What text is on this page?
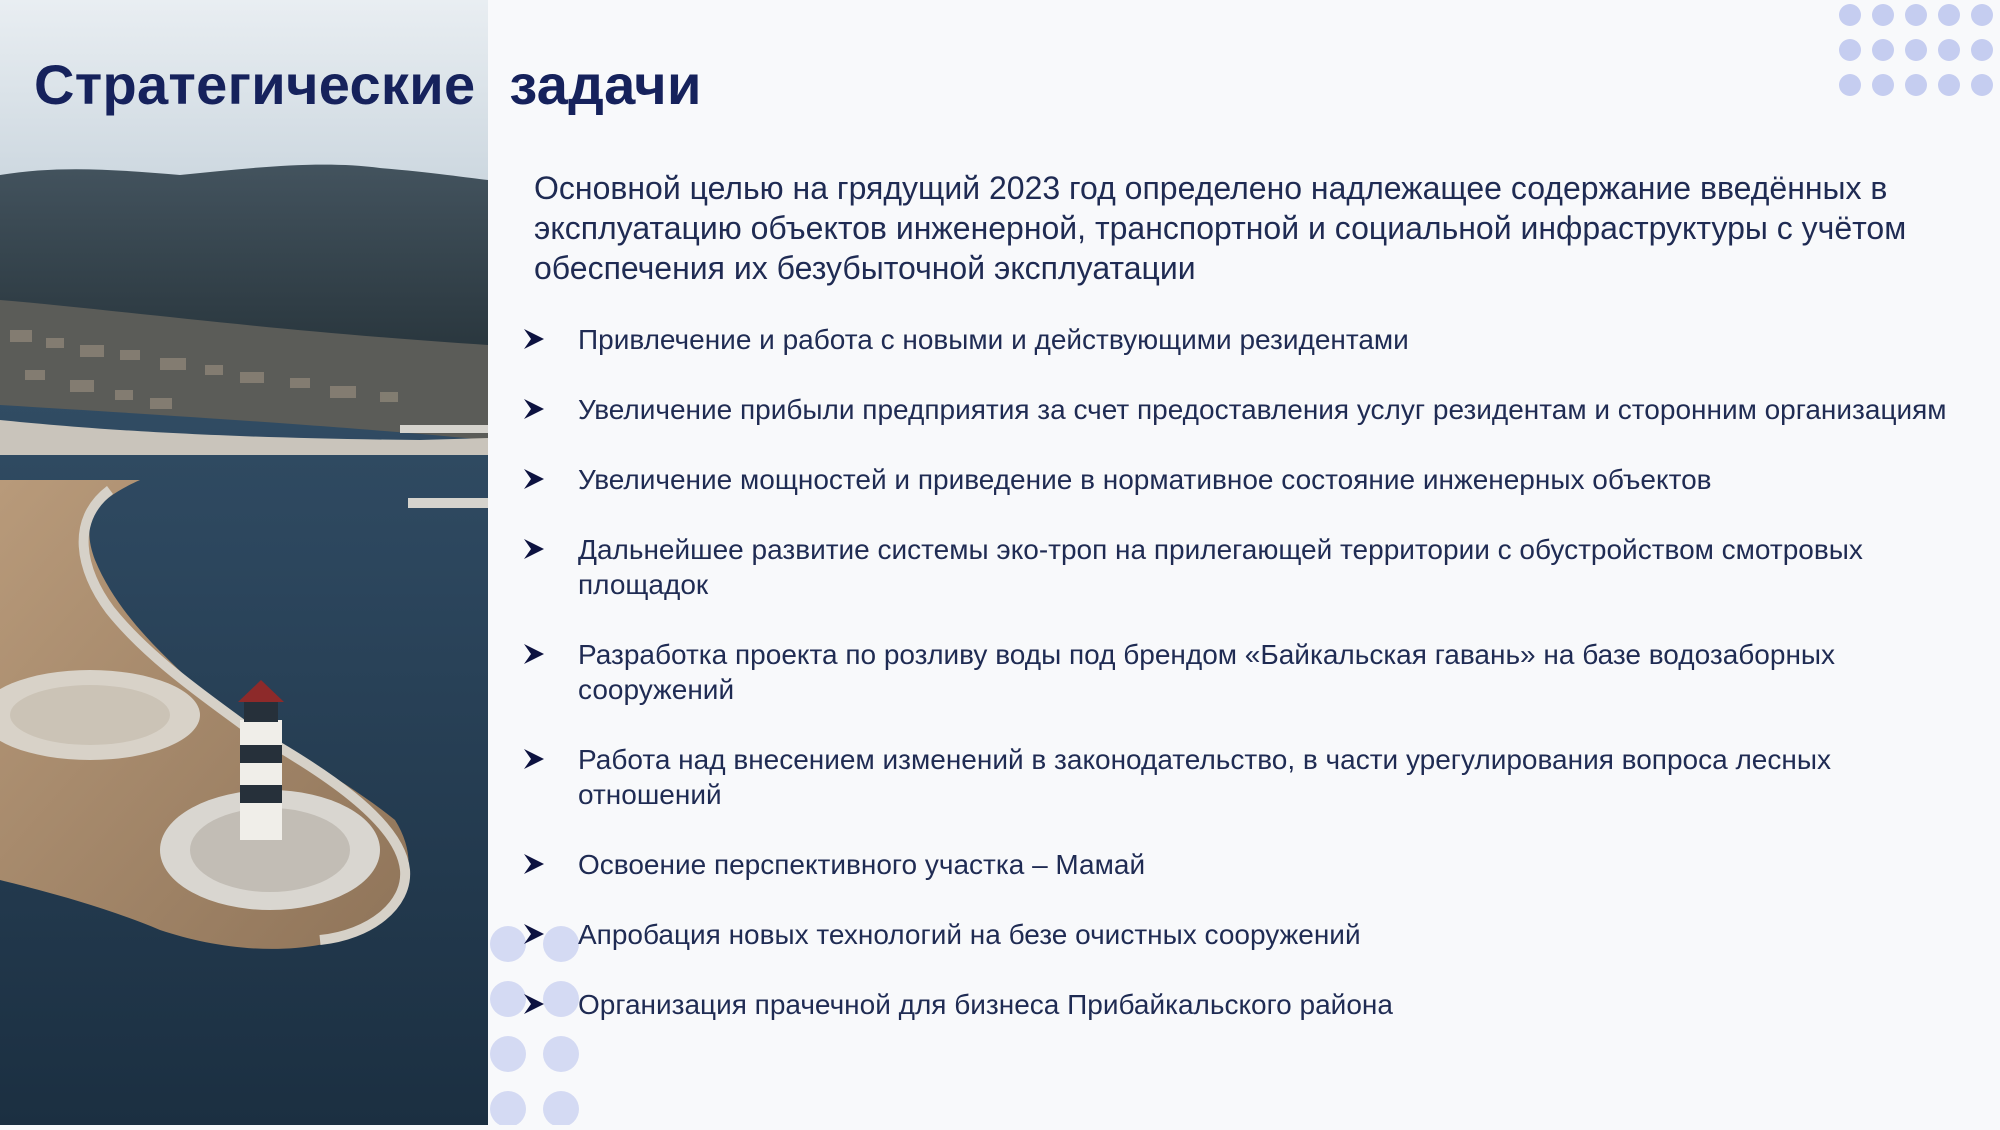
Стратегические задачи

Основной целью на грядущий 2023 год определено надлежащее содержание введённых в эксплуатацию объектов инженерной, транспортной и социальной инфраструктуры с учётом обеспечения их безубыточной эксплуатации

Привлечение и работа с новыми и действующими резидентами
Увеличение прибыли предприятия за счет предоставления услуг резидентам и сторонним организациям
Увеличение мощностей и приведение в нормативное состояние инженерных объектов
Дальнейшее развитие системы эко-троп на прилегающей территории с обустройством смотровых площадок
Разработка проекта по розливу воды под брендом «Байкальская гавань» на базе водозаборных сооружений
Работа над внесением изменений в законодательство, в части урегулирования вопроса лесных отношений
Освоение перспективного участка – Мамай
Апробация новых технологий на безе очистных сооружений
Организация прачечной для бизнеса Прибайкальского района
